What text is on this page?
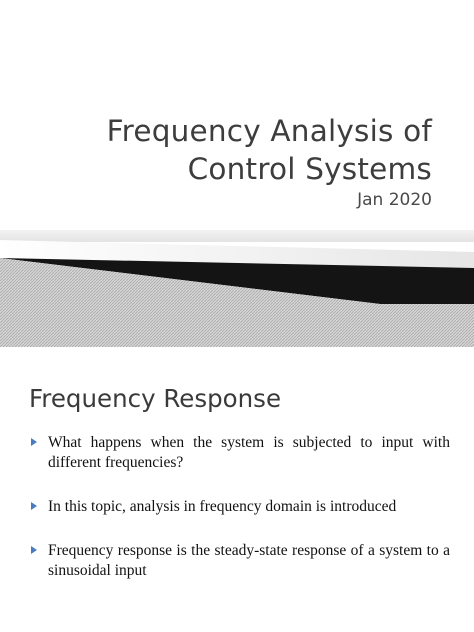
Frequency Analysis of
Control Systems
Jan 2020
Frequency Response
What happens when the system is subjected to input with different frequencies?
In this topic, analysis in frequency domain is introduced
Frequency response is the steady-state response of a system to a sinusoidal input
